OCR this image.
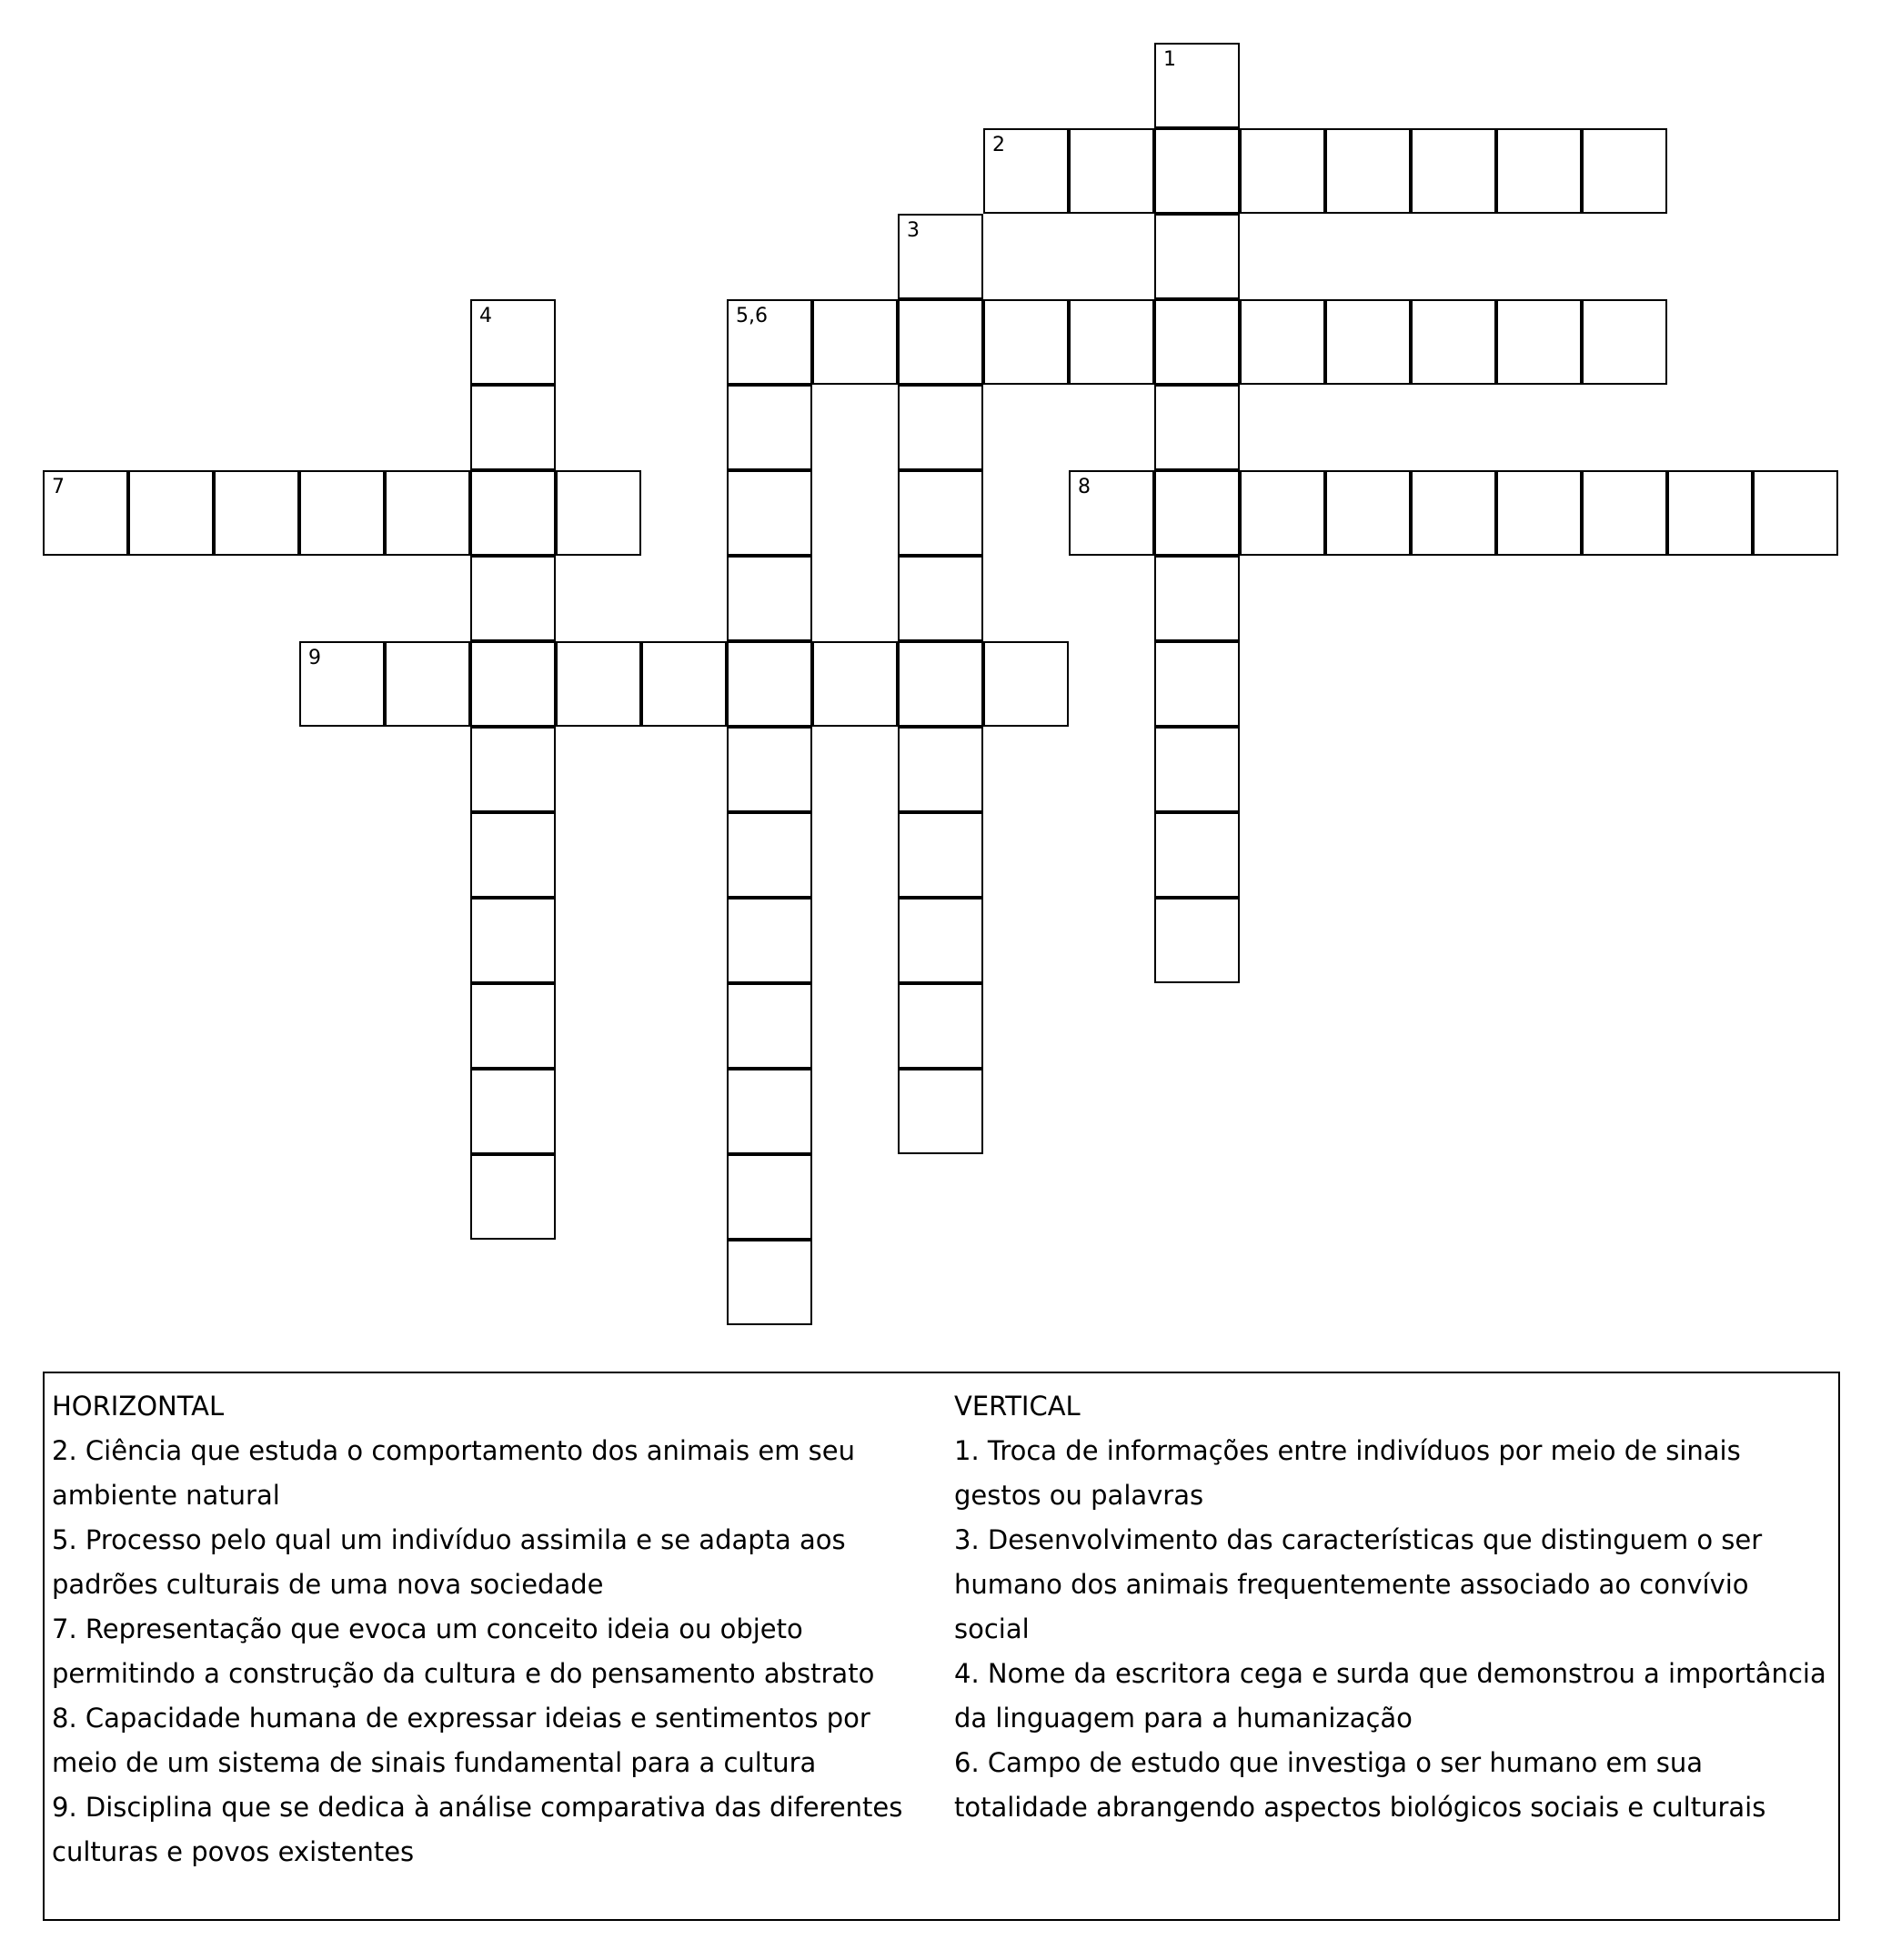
1
2
3
4	5,6
7	8
9
HORIZONTAL
2. Ciência que estuda o comportamento dos animais em seu ambiente natural
5. Processo pelo qual um indivíduo assimila e se adapta aos padrões culturais de uma nova sociedade
7. Representação que evoca um conceito ideia ou objeto permitindo a construção da cultura e do pensamento abstrato
8. Capacidade humana de expressar ideias e sentimentos por meio de um sistema de sinais fundamental para a cultura
9. Disciplina que se dedica à análise comparativa das diferentes culturas e povos existentes
VERTICAL
1. Troca de informações entre indivíduos por meio de sinais gestos ou palavras
3. Desenvolvimento das características que distinguem o ser humano dos animais frequentemente associado ao convívio social
4. Nome da escritora cega e surda que demonstrou a importância da linguagem para a humanização
6. Campo de estudo que investiga o ser humano em sua totalidade abrangendo aspectos biológicos sociais e culturais
